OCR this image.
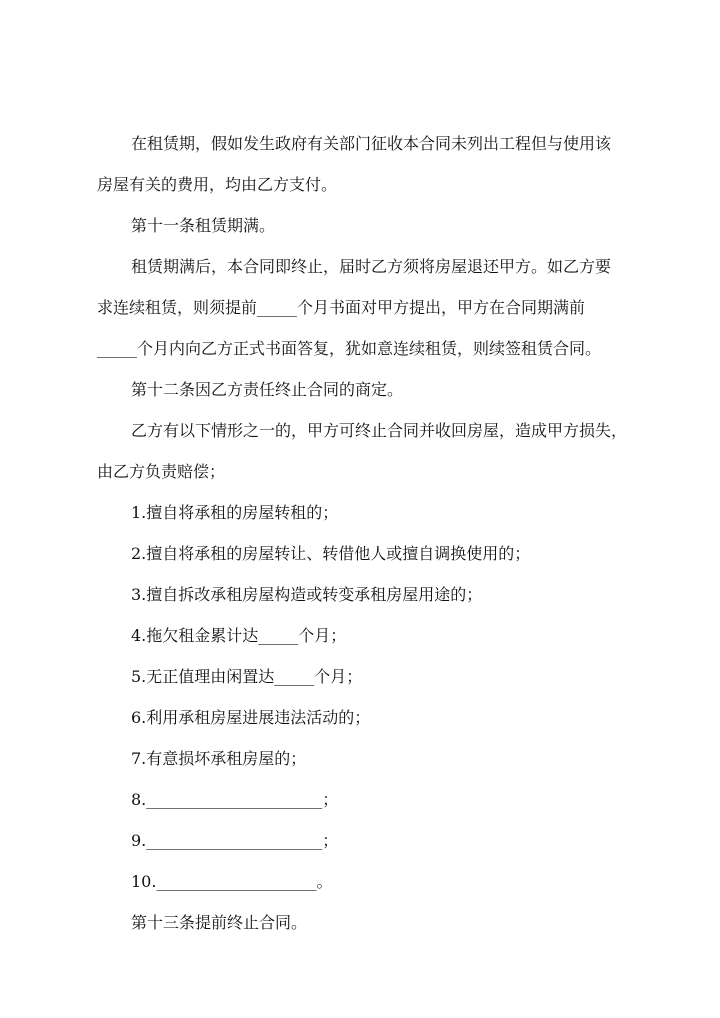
在租赁期，假如发生政府有关部门征收本合同未列出工程但与使用该

房屋有关的费用，均由乙方支付。

第十一条租赁期满。

租赁期满后，本合同即终止，届时乙方须将房屋退还甲方。如乙方要

求连续租赁，则须提前_____个月书面对甲方提出，甲方在合同期满前

_____个月内向乙方正式书面答复，犹如意连续租赁，则续签租赁合同。

第十二条因乙方责任终止合同的商定。

乙方有以下情形之一的，甲方可终止合同并收回房屋，造成甲方损失，

由乙方负责赔偿；

1.擅自将承租的房屋转租的；

2.擅自将承租的房屋转让、转借他人或擅自调换使用的；

3.擅自拆改承租房屋构造或转变承租房屋用途的；

4.拖欠租金累计达_____个月；

5.无正值理由闲置达_____个月；

6.利用承租房屋进展违法活动的；

7.有意损坏承租房屋的；

8.______________________；

9.______________________；

10.____________________。

第十三条提前终止合同。
